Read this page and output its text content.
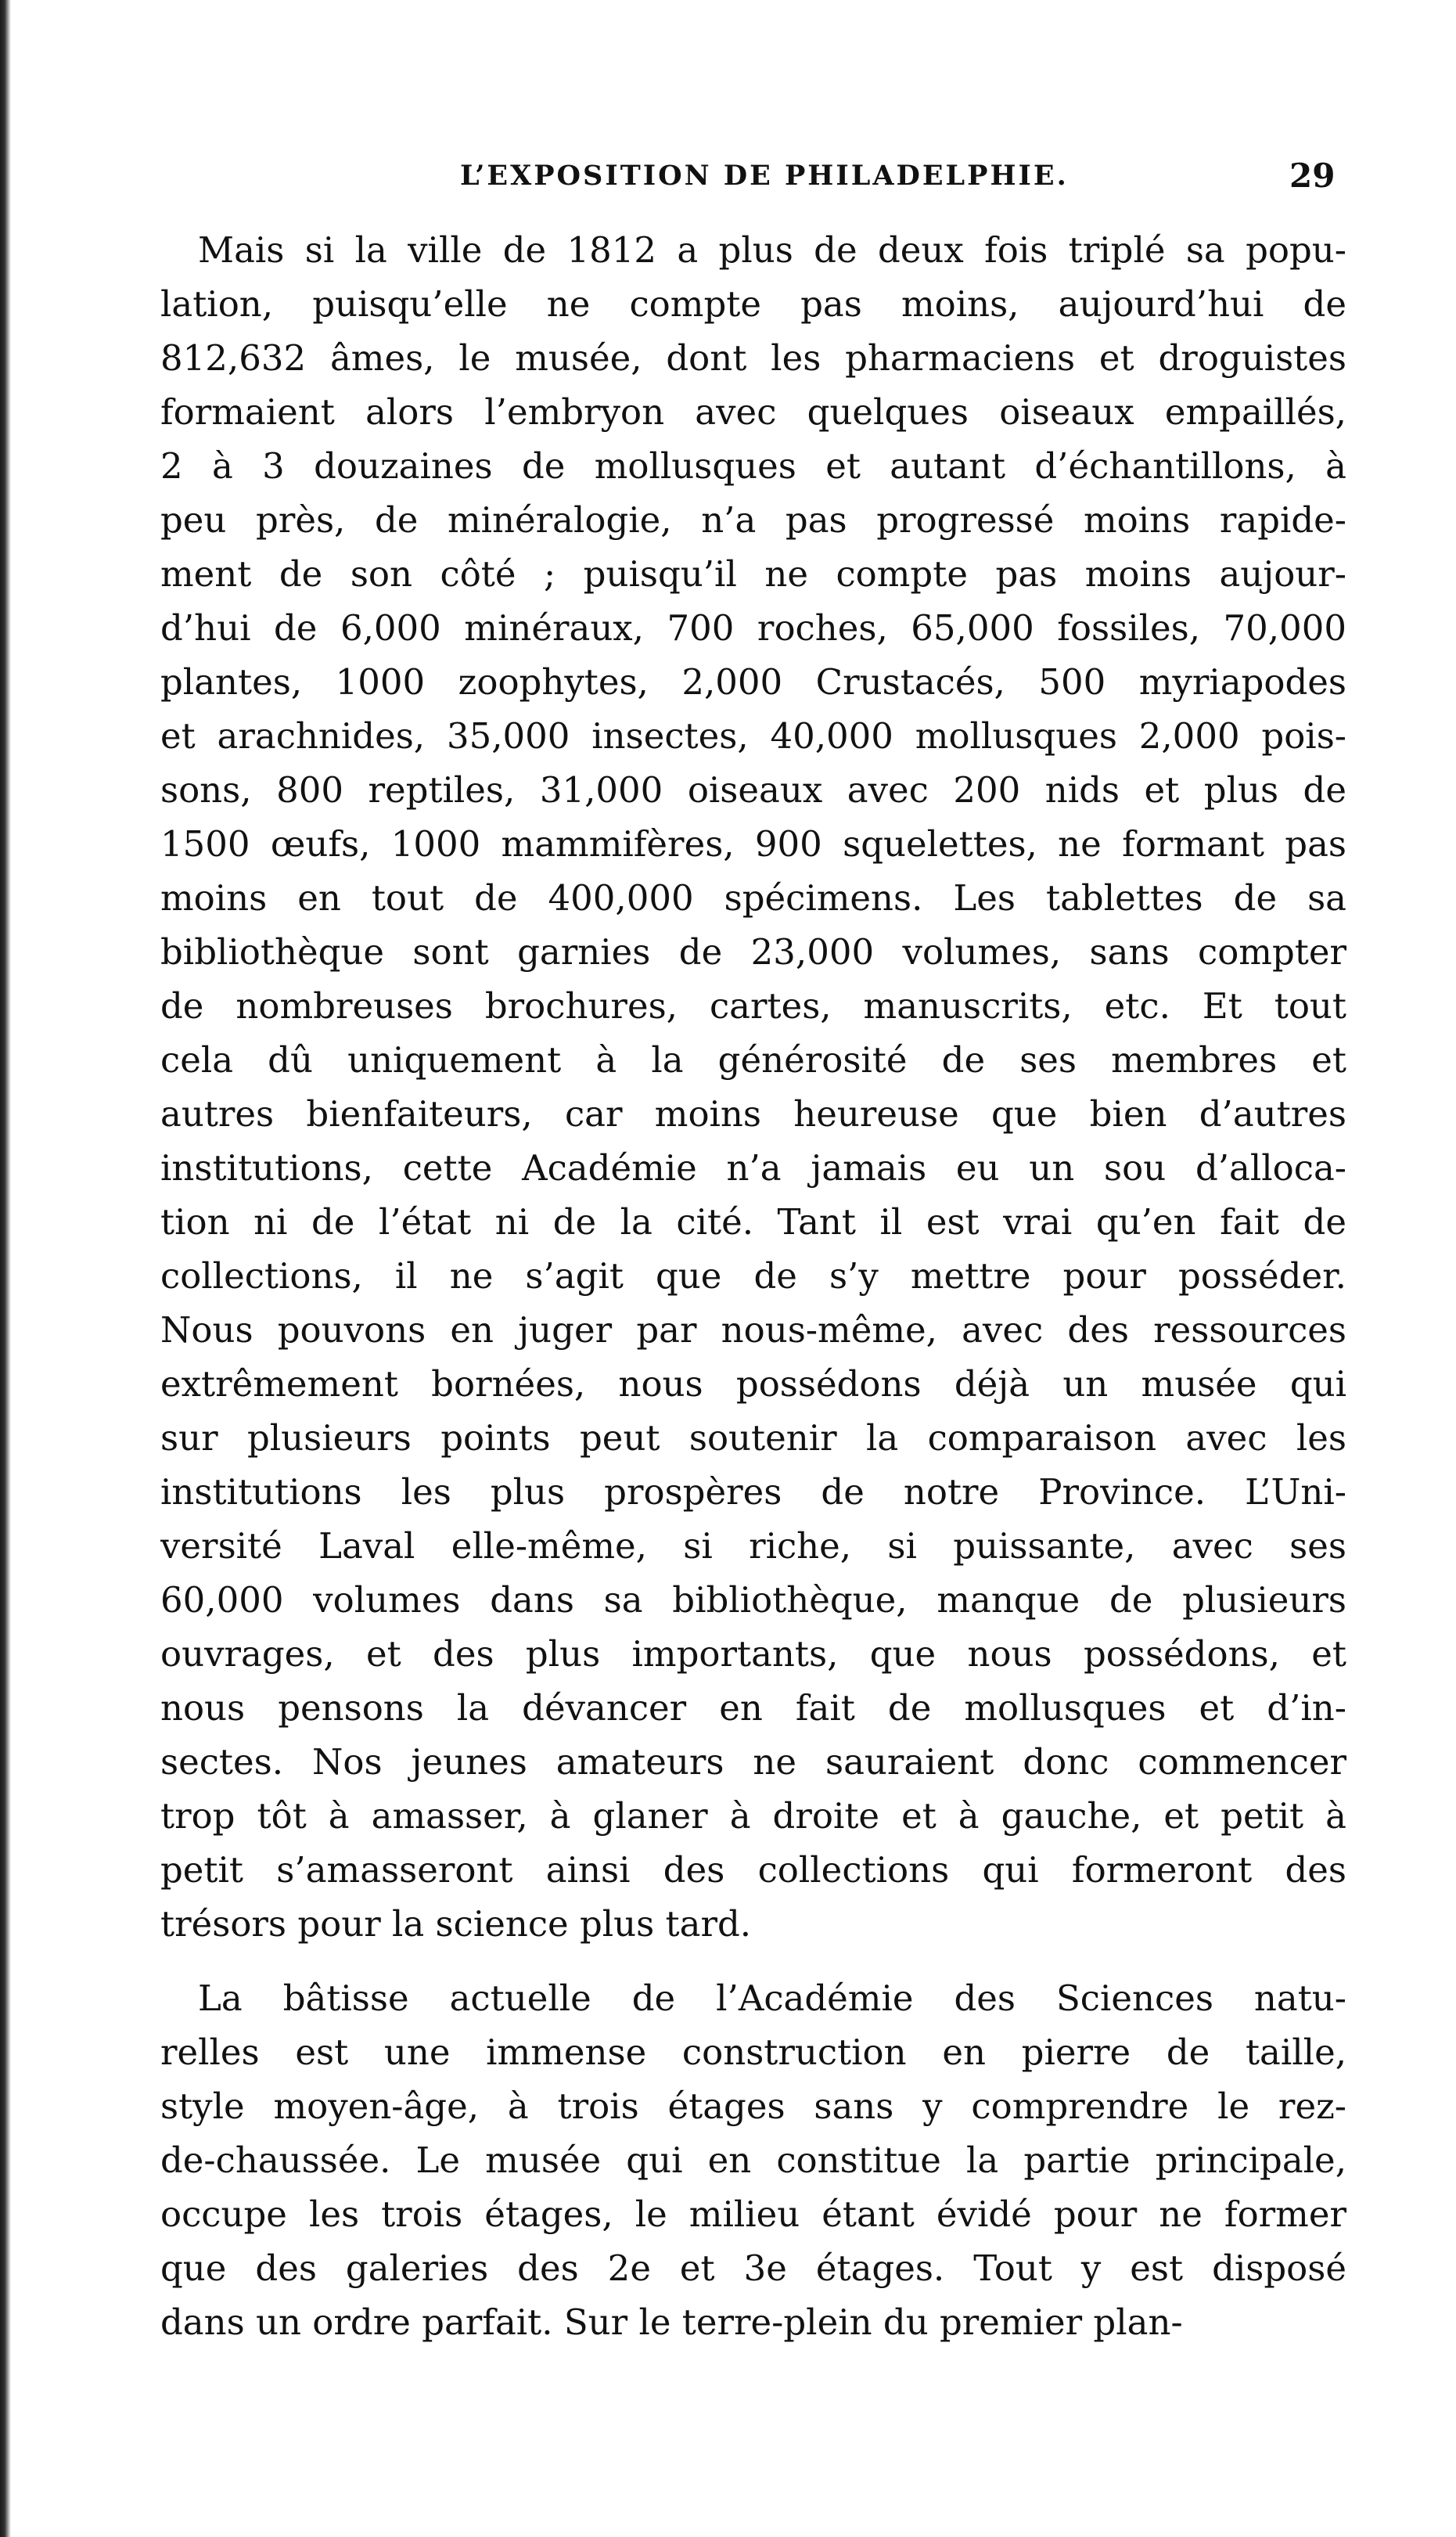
L’EXPOSITION DE PHILADELPHIE.	29
Mais si la ville de 1812 a plus de deux fois triplé sa popu-
lation, puisqu’elle ne compte pas moins, aujourd’hui de
812,632 âmes, le musée, dont les pharmaciens et droguistes
formaient alors l’embryon avec quelques oiseaux empaillés,
2 à 3 douzaines de mollusques et autant d’échantillons, à
peu près, de minéralogie, n’a pas progressé moins rapide-
ment de son côté ; puisqu’il ne compte pas moins aujour-
d’hui de 6,000 minéraux, 700 roches, 65,000 fossiles, 70,000
plantes, 1000 zoophytes, 2,000 Crustacés, 500 myriapodes
et arachnides, 35,000 insectes, 40,000 mollusques 2,000 pois-
sons, 800 reptiles, 31,000 oiseaux avec 200 nids et plus de
1500 œufs, 1000 mammifères, 900 squelettes, ne formant pas
moins en tout de 400,000 spécimens. Les tablettes de sa
bibliothèque sont garnies de 23,000 volumes, sans compter
de nombreuses brochures, cartes, manuscrits, etc. Et tout
cela dû uniquement à la générosité de ses membres et
autres bienfaiteurs, car moins heureuse que bien d’autres
institutions, cette Académie n’a jamais eu un sou d’alloca-
tion ni de l’état ni de la cité. Tant il est vrai qu’en fait de
collections, il ne s’agit que de s’y mettre pour posséder.
Nous pouvons en juger par nous-même, avec des ressources
extrêmement bornées, nous possédons déjà un musée qui
sur plusieurs points peut soutenir la comparaison avec les
institutions les plus prospères de notre Province. L’Uni-
versité Laval elle-même, si riche, si puissante, avec ses
60,000 volumes dans sa bibliothèque, manque de plusieurs
ouvrages, et des plus importants, que nous possédons, et
nous pensons la dévancer en fait de mollusques et d’in-
sectes. Nos jeunes amateurs ne sauraient donc commencer
trop tôt à amasser, à glaner à droite et à gauche, et petit à
petit s’amasseront ainsi des collections qui formeront des
trésors pour la science plus tard.
La bâtisse actuelle de l’Académie des Sciences natu-
relles est une immense construction en pierre de taille,
style moyen-âge, à trois étages sans y comprendre le rez-
de-chaussée. Le musée qui en constitue la partie principale,
occupe les trois étages, le milieu étant évidé pour ne former
que des galeries des 2e et 3e étages. Tout y est disposé
dans un ordre parfait. Sur le terre-plein du premier plan-
